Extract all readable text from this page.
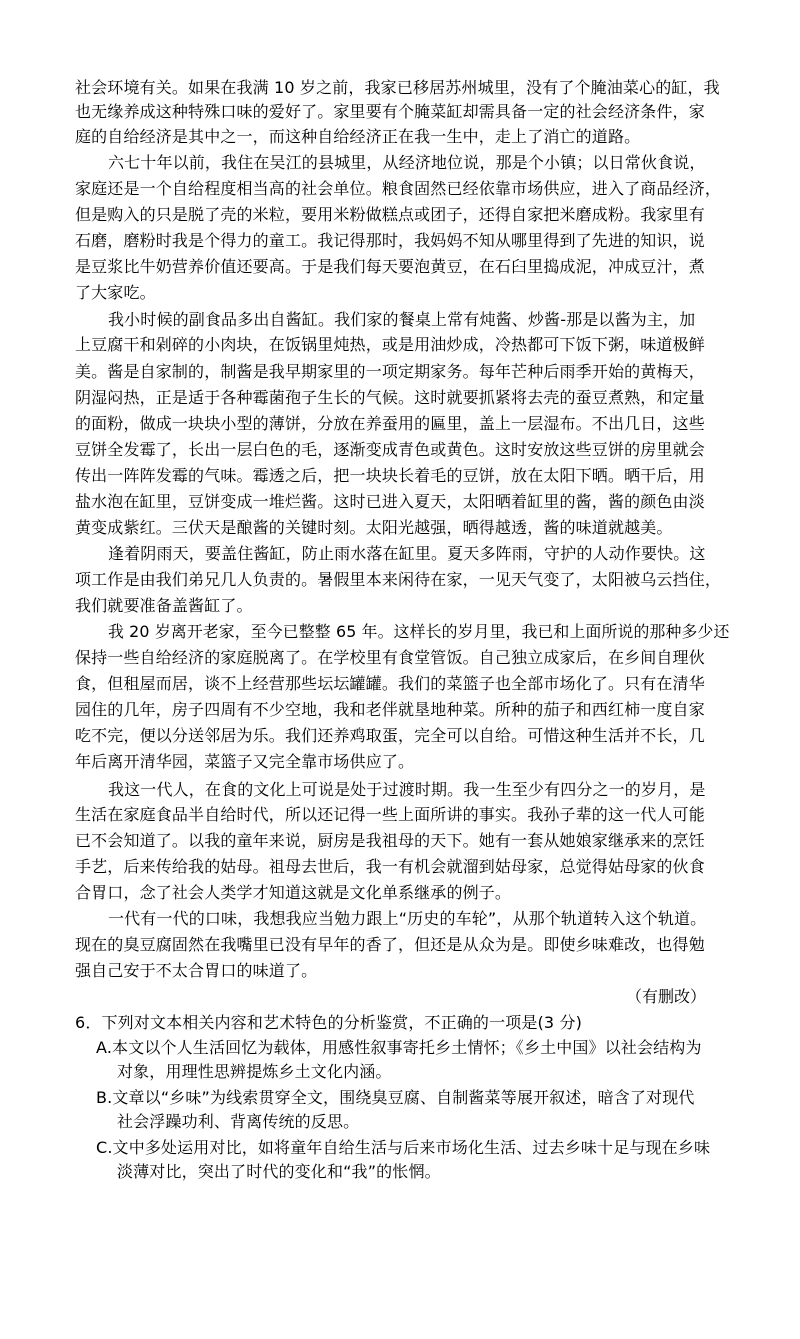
社会环境有关。如果在我满 10 岁之前，我家已移居苏州城里，没有了个腌油菜心的缸，我
也无缘养成这种特殊口味的爱好了。家里要有个腌菜缸却需具备一定的社会经济条件，家
庭的自给经济是其中之一，而这种自给经济正在我一生中，走上了消亡的道路。
六七十年以前，我住在吴江的县城里，从经济地位说，那是个小镇；以日常伙食说，
家庭还是一个自给程度相当高的社会单位。粮食固然已经依靠市场供应，进入了商品经济，
但是购入的只是脱了壳的米粒，要用米粉做糕点或团子，还得自家把米磨成粉。我家里有
石磨，磨粉时我是个得力的童工。我记得那时，我妈妈不知从哪里得到了先进的知识，说
是豆浆比牛奶营养价值还要高。于是我们每天要泡黄豆，在石臼里捣成泥，冲成豆汁，煮
了大家吃。
我小时候的副食品多出自酱缸。我们家的餐桌上常有炖酱、炒酱-那是以酱为主，加
上豆腐干和剁碎的小肉块，在饭锅里炖热，或是用油炒成，冷热都可下饭下粥，味道极鲜
美。酱是自家制的，制酱是我早期家里的一项定期家务。每年芒种后雨季开始的黄梅天，
阴湿闷热，正是适于各种霉菌孢子生长的气候。这时就要抓紧将去壳的蚕豆煮熟，和定量
的面粉，做成一块块小型的薄饼，分放在养蚕用的匾里，盖上一层湿布。不出几日，这些
豆饼全发霉了，长出一层白色的毛，逐渐变成青色或黄色。这时安放这些豆饼的房里就会
传出一阵阵发霉的气味。霉透之后，把一块块长着毛的豆饼，放在太阳下晒。晒干后，用
盐水泡在缸里，豆饼变成一堆烂酱。这时已进入夏天，太阳晒着缸里的酱，酱的颜色由淡
黄变成紫红。三伏天是酿酱的关键时刻。太阳光越强，晒得越透，酱的味道就越美。
逢着阴雨天，要盖住酱缸，防止雨水落在缸里。夏天多阵雨，守护的人动作要快。这
项工作是由我们弟兄几人负责的。暑假里本来闲待在家，一见天气变了，太阳被乌云挡住，
我们就要准备盖酱缸了。
我 20 岁离开老家，至今已整整 65 年。这样长的岁月里，我已和上面所说的那种多少还
保持一些自给经济的家庭脱离了。在学校里有食堂管饭。自己独立成家后，在乡间自理伙
食，但租屋而居，谈不上经营那些坛坛罐罐。我们的菜篮子也全部市场化了。只有在清华
园住的几年，房子四周有不少空地，我和老伴就垦地种菜。所种的茄子和西红柿一度自家
吃不完，便以分送邻居为乐。我们还养鸡取蛋，完全可以自给。可惜这种生活并不长，几
年后离开清华园，菜篮子又完全靠市场供应了。
我这一代人，在食的文化上可说是处于过渡时期。我一生至少有四分之一的岁月，是
生活在家庭食品半自给时代，所以还记得一些上面所讲的事实。我孙子辈的这一代人可能
已不会知道了。以我的童年来说，厨房是我祖母的天下。她有一套从她娘家继承来的烹饪
手艺，后来传给我的姑母。祖母去世后，我一有机会就溜到姑母家，总觉得姑母家的伙食
合胃口，念了社会人类学才知道这就是文化单系继承的例子。
一代有一代的口味，我想我应当勉力跟上“历史的车轮”，从那个轨道转入这个轨道。
现在的臭豆腐固然在我嘴里已没有早年的香了，但还是从众为是。即使乡味难改，也得勉
强自己安于不太合胃口的味道了。
（有删改）
6．下列对文本相关内容和艺术特色的分析鉴赏，不正确的一项是(3 分)
A.本文以个人生活回忆为载体，用感性叙事寄托乡土情怀；《乡土中国》以社会结构为
对象，用理性思辨提炼乡土文化内涵。
B.文章以“乡味”为线索贯穿全文，围绕臭豆腐、自制酱菜等展开叙述，暗含了对现代
社会浮躁功利、背离传统的反思。
C.文中多处运用对比，如将童年自给生活与后来市场化生活、过去乡味十足与现在乡味
淡薄对比，突出了时代的变化和“我”的怅惘。
